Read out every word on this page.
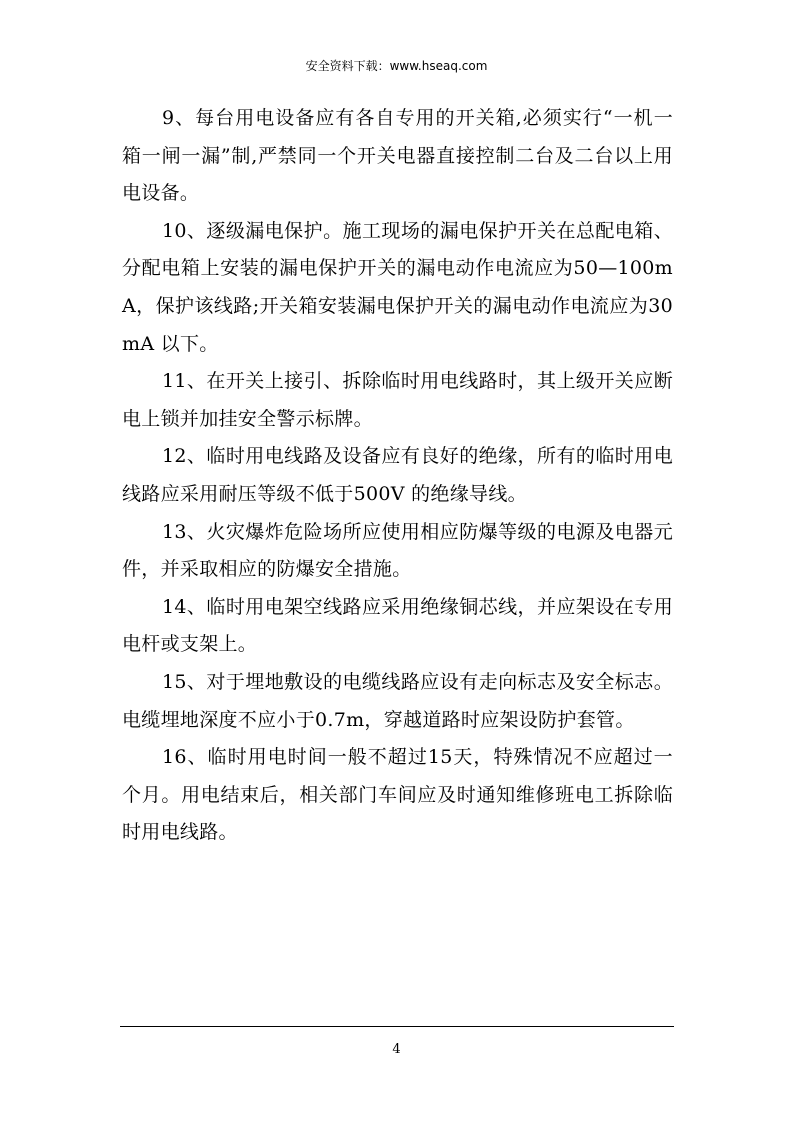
安全资料下载：www.hseaq.com

9、每台用电设备应有各自专用的开关箱,必须实行“一机一箱一闸一漏”制,严禁同一个开关电器直接控制二台及二台以上用电设备。

10、逐级漏电保护。施工现场的漏电保护开关在总配电箱、分配电箱上安装的漏电保护开关的漏电动作电流应为50—100mA，保护该线路;开关箱安装漏电保护开关的漏电动作电流应为30mA 以下。

11、在开关上接引、拆除临时用电线路时，其上级开关应断电上锁并加挂安全警示标牌。

12、临时用电线路及设备应有良好的绝缘，所有的临时用电线路应采用耐压等级不低于500V 的绝缘导线。

13、火灾爆炸危险场所应使用相应防爆等级的电源及电器元件，并采取相应的防爆安全措施。

14、临时用电架空线路应采用绝缘铜芯线，并应架设在专用电杆或支架上。

15、对于埋地敷设的电缆线路应设有走向标志及安全标志。电缆埋地深度不应小于0.7m，穿越道路时应架设防护套管。

16、临时用电时间一般不超过15天，特殊情况不应超过一个月。用电结束后，相关部门车间应及时通知维修班电工拆除临时用电线路。

4
